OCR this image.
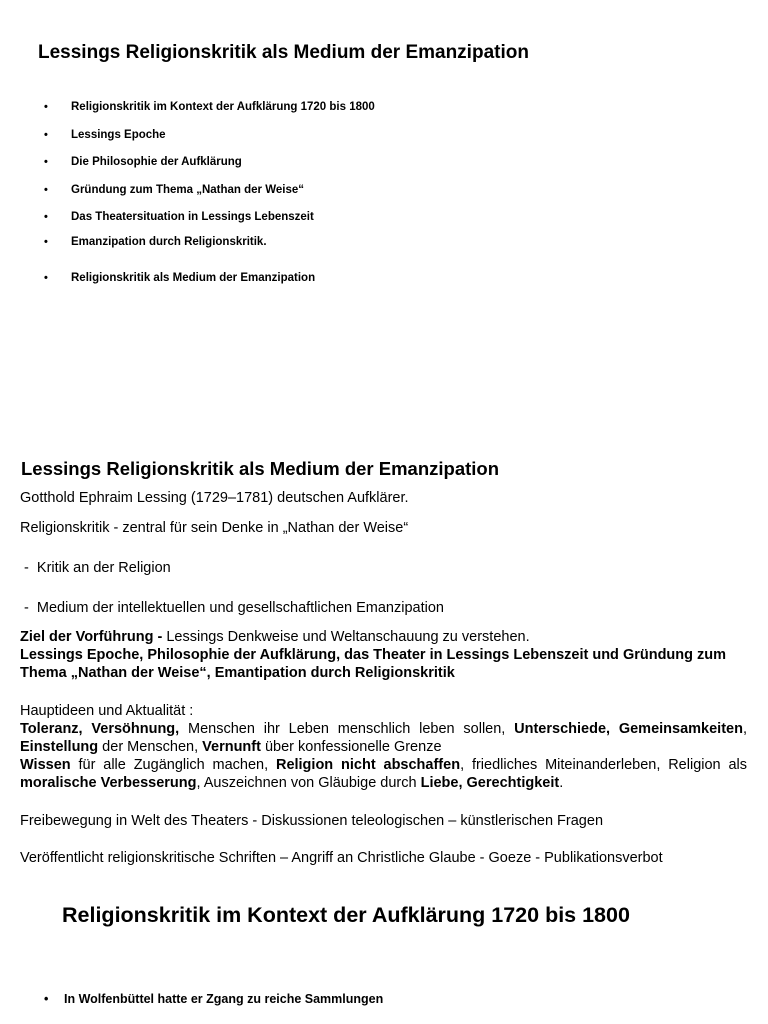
Lessings Religionskritik als Medium der Emanzipation
• Religionskritik im Kontext der Aufklärung 1720 bis 1800
• Lessings Epoche
• Die Philosophie der Aufklärung
• Gründung zum Thema „Nathan der Weise“
• Das Theatersituation in Lessings Lebenszeit
• Emanzipation durch Religionskritik.
• Religionskritik als Medium der Emanzipation
Lessings Religionskritik als Medium der Emanzipation
Gotthold Ephraim Lessing (1729–1781) deutschen Aufklärer.
Religionskritik - zentral für sein Denke in „Nathan der Weise“
-  Kritik an der Religion
-  Medium der intellektuellen und gesellschaftlichen Emanzipation
Ziel der Vorführung - Lessings Denkweise und Weltanschauung zu verstehen.
Lessings Epoche, Philosophie der Aufklärung, das Theater in Lessings Lebenszeit und Gründung zum Thema „Nathan der Weise“, Emantipation durch Religionskritik
Hauptideen und Aktualität :
Toleranz, Versöhnung, Menschen ihr Leben menschlich leben sollen, Unterschiede, Gemeinsamkeiten, Einstellung der Menschen, Vernunft über konfessionelle Grenze
Wissen für alle Zugänglich machen, Religion nicht abschaffen, friedliches Miteinanderleben, Religion als moralische Verbesserung, Auszeichnen von Gläubige durch Liebe, Gerechtigkeit.
Freibewegung in Welt des Theaters - Diskussionen teleologischen – künstlerischen Fragen
Veröffentlicht religionskritische Schriften – Angriff an Christliche Glaube - Goeze - Publikationsverbot
Religionskritik im Kontext der Aufklärung 1720 bis 1800
• In Wolfenbüttel hatte er Zgang zu reiche Sammlungen
